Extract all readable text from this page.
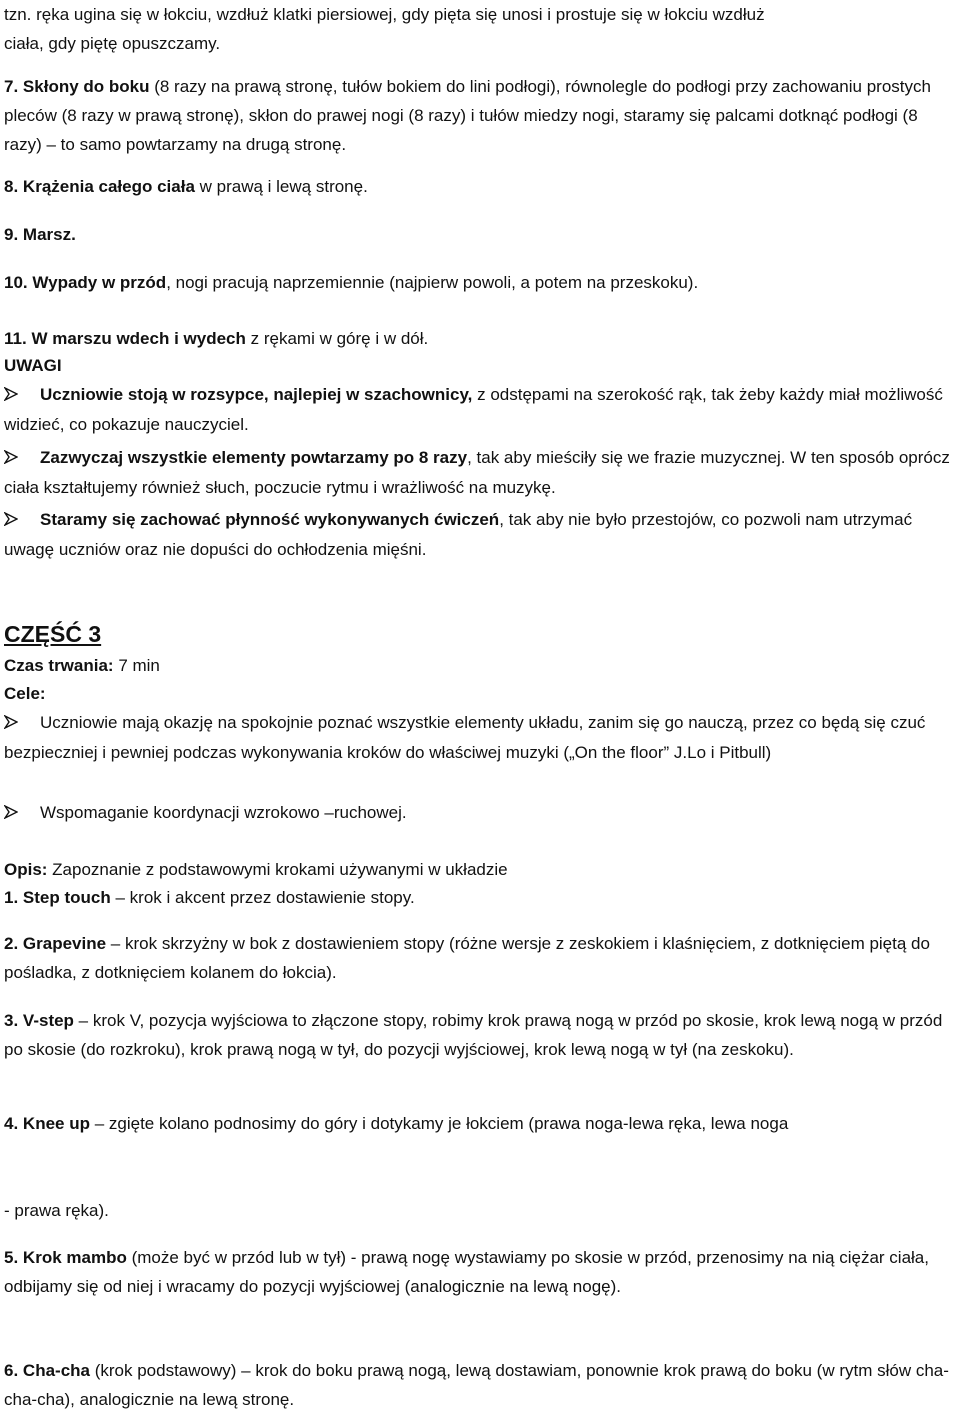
tzn. ręka ugina się w łokciu, wzdłuż klatki piersiowej, gdy pięta się unosi i prostuje się w łokciu wzdłuż
ciała, gdy piętę opuszczamy.
7. Skłony do boku (8 razy na prawą stronę, tułów bokiem do lini podłogi), równolegle do podłogi przy zachowaniu prostych pleców (8 razy w prawą stronę), skłon do prawej nogi (8 razy) i tułów miedzy nogi, staramy się palcami dotknąć podłogi (8 razy) – to samo powtarzamy na drugą stronę.
8. Krążenia całego ciała w prawą i lewą stronę.
9. Marsz.
10. Wypady w przód, nogi pracują naprzemiennie (najpierw powoli, a potem na przeskoku).
11. W marszu wdech i wydech z rękami w górę i w dół.
UWAGI
Uczniowie stoją w rozsypce, najlepiej w szachownicy, z odstępami na szerokość rąk, tak żeby każdy miał możliwość widzieć, co pokazuje nauczyciel.
Zazwyczaj wszystkie elementy powtarzamy po 8 razy, tak aby mieściły się we frazie muzycznej. W ten sposób oprócz ciała kształtujemy również słuch, poczucie rytmu i wrażliwość na muzykę.
Staramy się zachować płynność wykonywanych ćwiczeń, tak aby nie było przestojów, co pozwoli nam utrzymać uwagę uczniów oraz nie dopuści do ochłodzenia mięśni.
CZĘŚĆ 3
Czas trwania: 7 min
Cele:
Uczniowie mają okazję na spokojnie poznać wszystkie elementy układu, zanim się go nauczą, przez co będą się czuć bezpieczniej i pewniej podczas wykonywania kroków do właściwej muzyki („On the floor” J.Lo i Pitbull)
Wspomaganie koordynacji wzrokowo –ruchowej.
Opis: Zapoznanie z podstawowymi krokami używanymi w układzie
1. Step touch – krok i akcent przez dostawienie stopy.
2. Grapevine – krok skrzyżny w bok z dostawieniem stopy (różne wersje z zeskokiem i klaśnięciem, z dotknięciem piętą do pośladka, z dotknięciem kolanem do łokcia).
3. V-step – krok V, pozycja wyjściowa to złączone stopy, robimy krok prawą nogą w przód po skosie, krok lewą nogą w przód po skosie (do rozkroku), krok prawą nogą w tył, do pozycji wyjściowej, krok lewą nogą w tył (na zeskoku).
4. Knee up – zgięte kolano podnosimy do góry i dotykamy je łokciem (prawa noga-lewa ręka, lewa noga
- prawa ręka).
5. Krok mambo (może być w przód lub w tył) - prawą nogę wystawiamy po skosie w przód, przenosimy na nią ciężar ciała, odbijamy się od niej i wracamy do pozycji wyjściowej (analogicznie na lewą nogę).
6. Cha-cha (krok podstawowy) – krok do boku prawą nogą, lewą dostawiam, ponownie krok prawą do boku (w rytm słów cha-cha-cha), analogicznie na lewą stronę.
